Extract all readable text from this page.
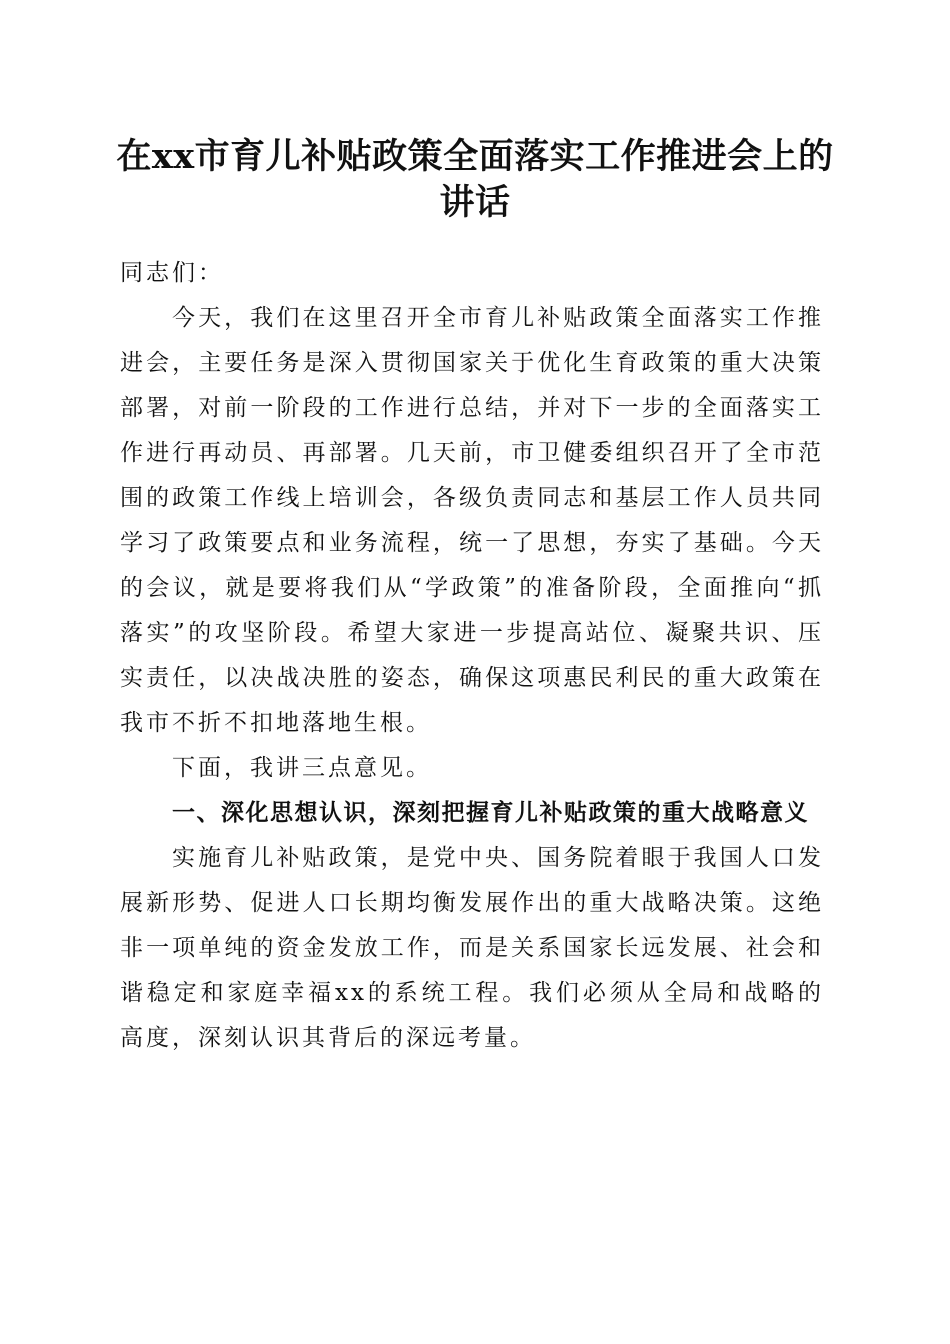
在xx市育儿补贴政策全面落实工作推进会上的讲话

同志们：

今天，我们在这里召开全市育儿补贴政策全面落实工作推进会，主要任务是深入贯彻国家关于优化生育政策的重大决策部署，对前一阶段的工作进行总结，并对下一步的全面落实工作进行再动员、再部署。几天前，市卫健委组织召开了全市范围的政策工作线上培训会，各级负责同志和基层工作人员共同学习了政策要点和业务流程，统一了思想，夯实了基础。今天的会议，就是要将我们从“学政策”的准备阶段，全面推向“抓落实”的攻坚阶段。希望大家进一步提高站位、凝聚共识、压实责任，以决战决胜的姿态，确保这项惠民利民的重大政策在我市不折不扣地落地生根。

下面，我讲三点意见。

一、深化思想认识，深刻把握育儿补贴政策的重大战略意义

实施育儿补贴政策，是党中央、国务院着眼于我国人口发展新形势、促进人口长期均衡发展作出的重大战略决策。这绝非一项单纯的资金发放工作，而是关系国家长远发展、社会和谐稳定和家庭幸福xx的系统工程。我们必须从全局和战略的高度，深刻认识其背后的深远考量。
